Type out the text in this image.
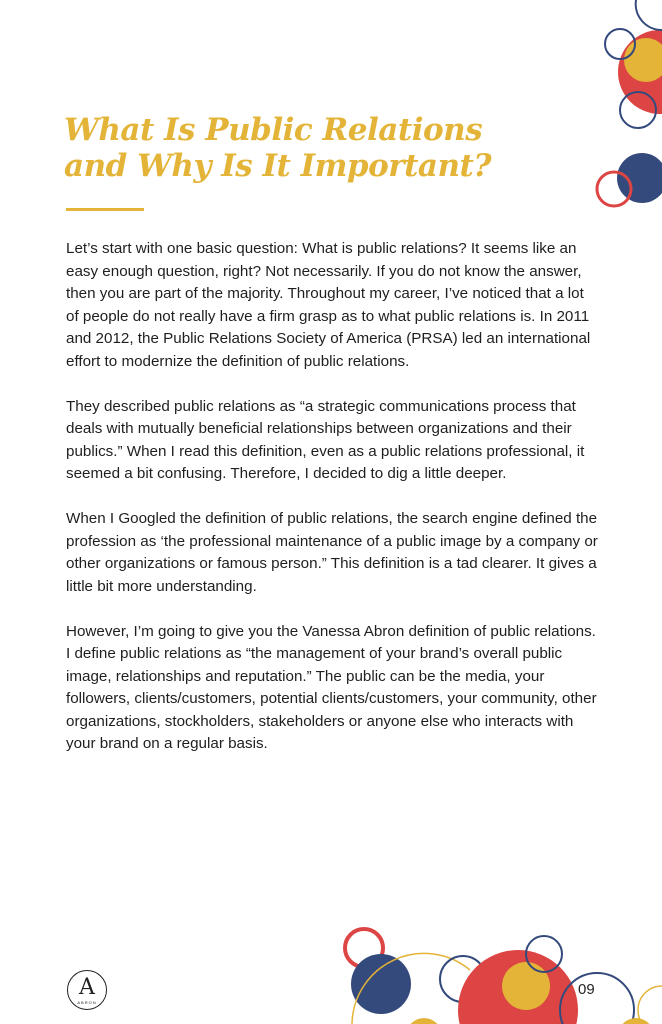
What Is Public Relations
and Why Is It Important?

Let’s start with one basic question: What is public relations? It seems like an easy enough question, right? Not necessarily. If you do not know the answer, then you are part of the majority. Throughout my career, I’ve noticed that a lot of people do not really have a firm grasp as to what public relations is. In 2011 and 2012, the Public Relations Society of America (PRSA) led an international effort to modernize the definition of public relations.

They described public relations as “a strategic communications process that deals with mutually beneficial relationships between organizations and their publics.” When I read this definition, even as a public relations professional, it seemed a bit confusing. Therefore, I decided to dig a little deeper.

When I Googled the definition of public relations, the search engine defined the profession as ‘the professional maintenance of a public image by a company or other organizations or famous person.” This definition is a tad clearer. It gives a little bit more understanding.

However, I’m going to give you the Vanessa Abron definition of public relations. I define public relations as “the management of your brand’s overall public image, relationships and reputation.” The public can be the media, your followers, clients/customers, potential clients/customers, your community, other organizations, stockholders, stakeholders or anyone else who interacts with your brand on a regular basis.

A
ABRON
09
